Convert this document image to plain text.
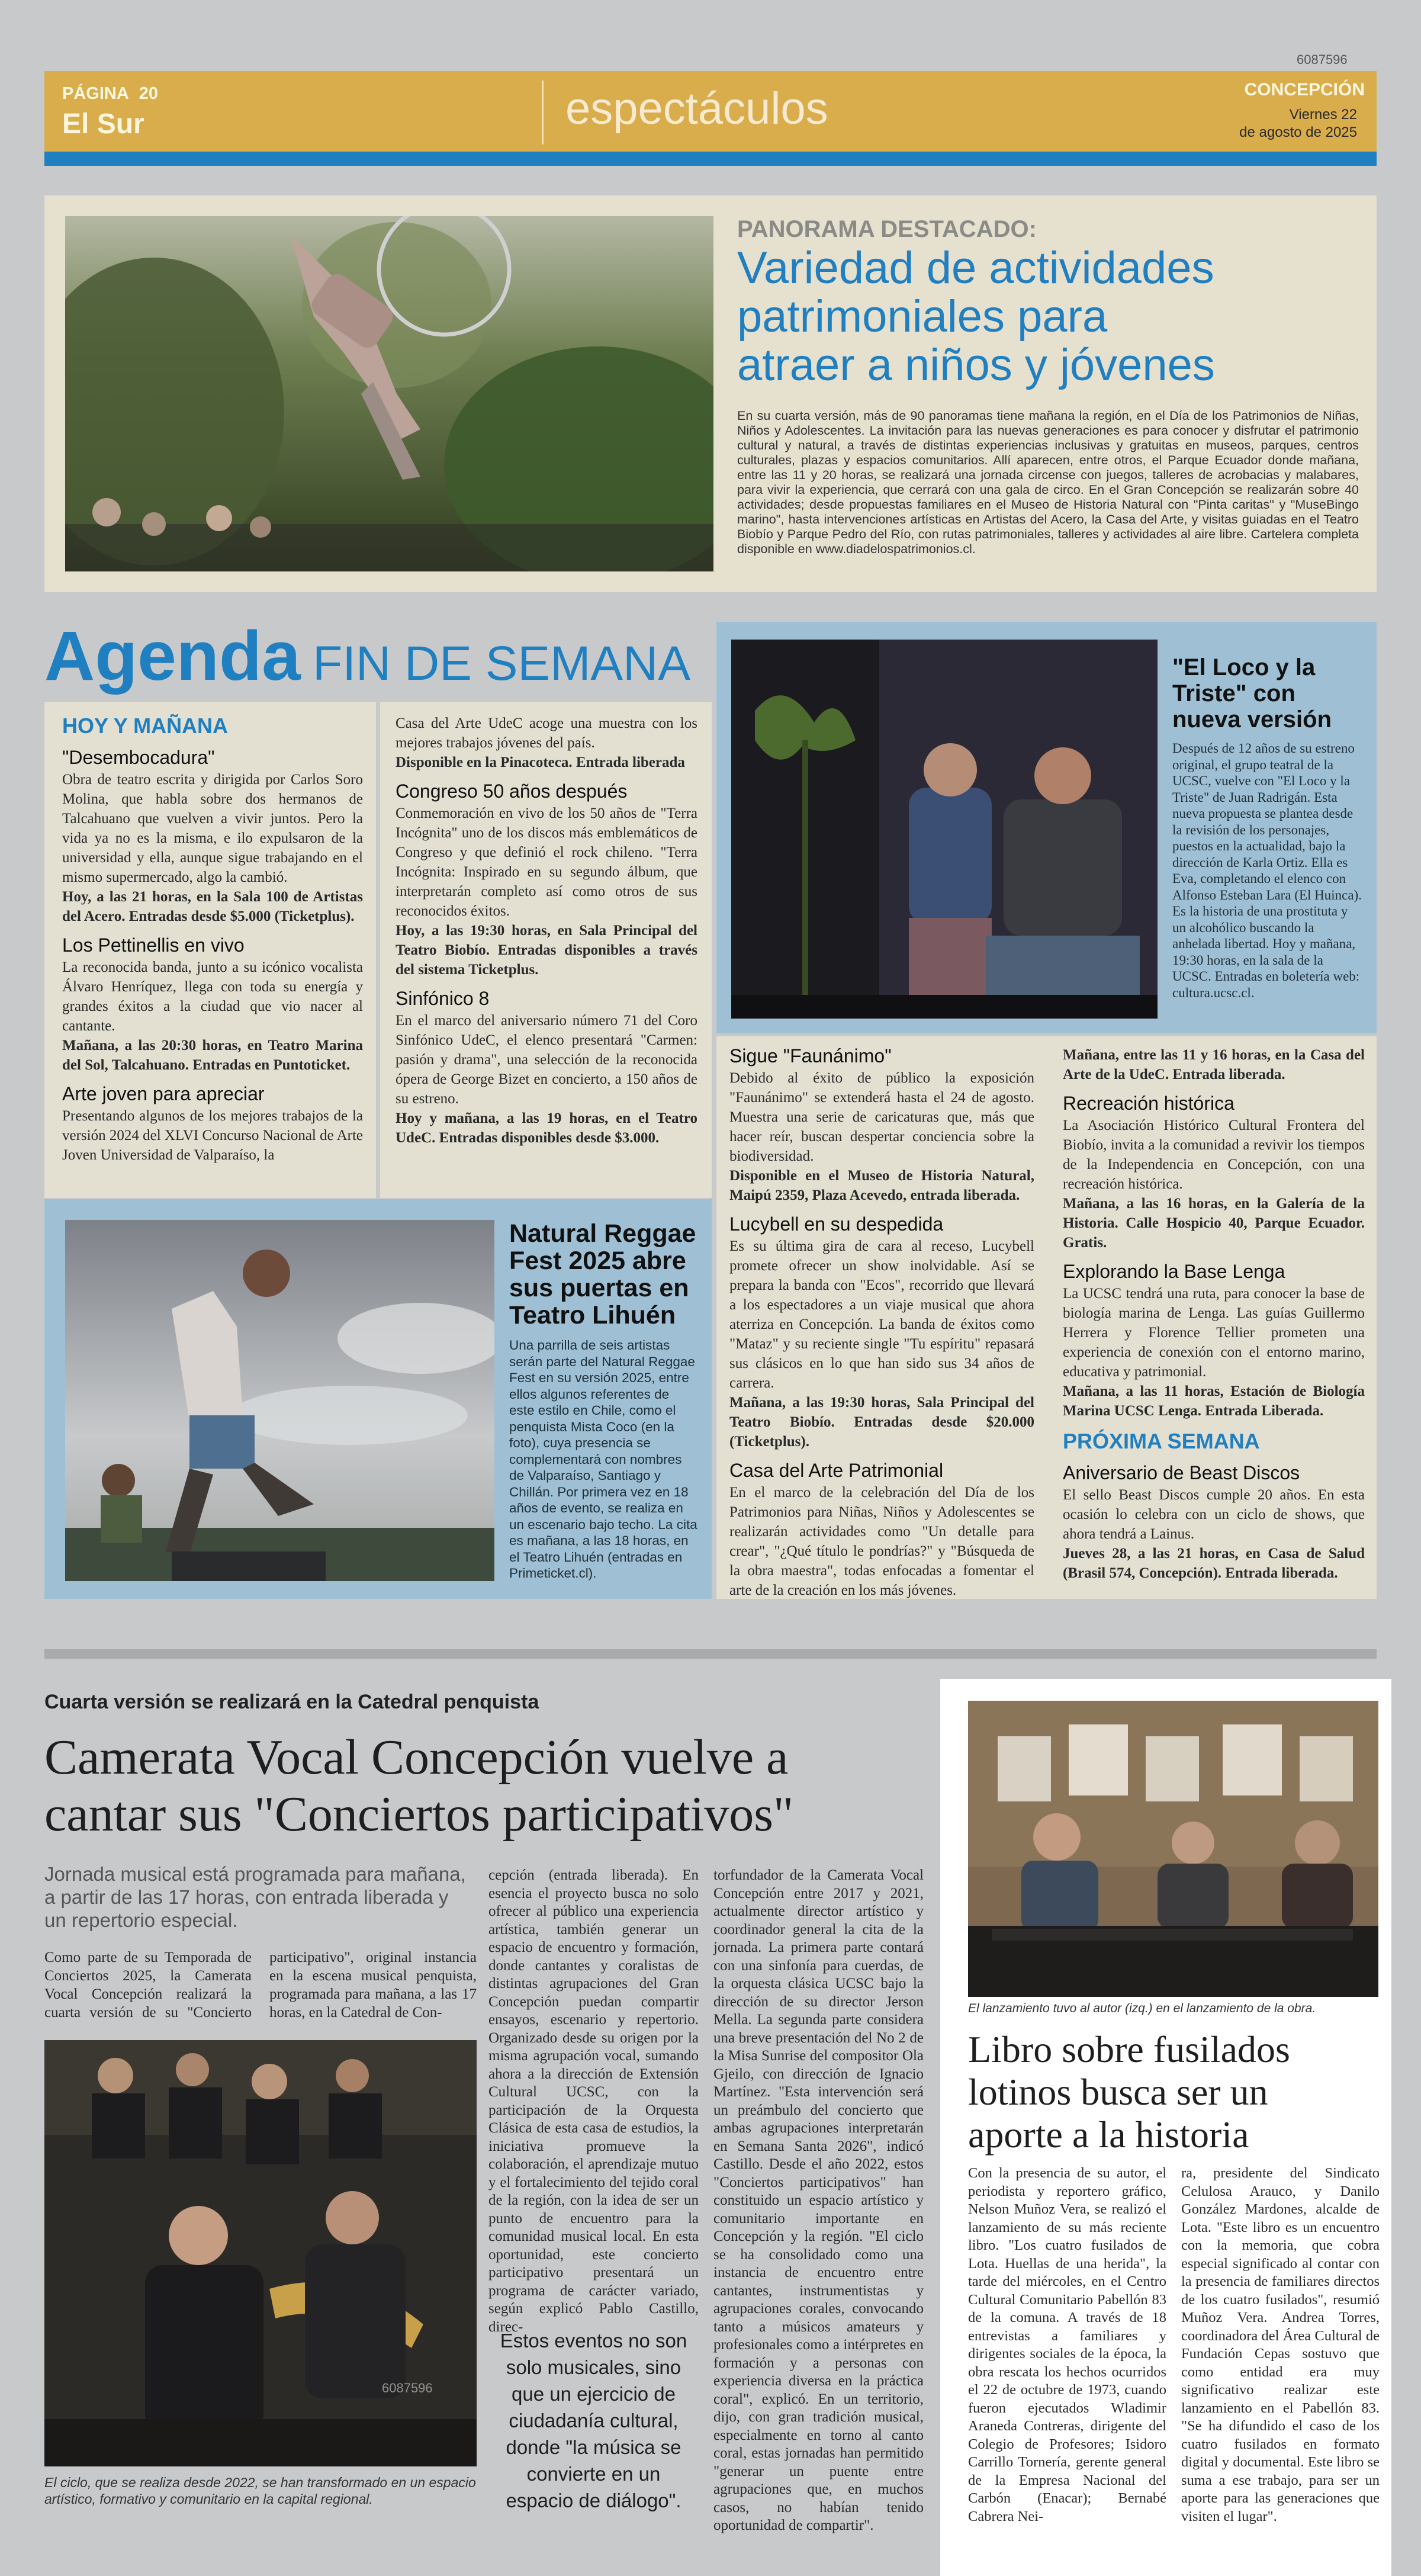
6087596
PÁGINA 20
El Sur	espectáculos	CONCEPCIÓN
Viernes 22
de agosto de 2025
PANORAMA DESTACADO:
Variedad de actividades
patrimoniales para
atraer a niños y jóvenes
En su cuarta versión, más de 90 panoramas tiene mañana la región, en el Día de los Patrimonios de Niñas, Niños y Adolescentes. La invitación para las nuevas generaciones es para conocer y disfrutar el patrimonio cultural y natural, a través de distintas experiencias inclusivas y gratuitas en museos, parques, centros culturales, plazas y espacios comunitarios. Allí aparecen, entre otros, el Parque Ecuador donde mañana, entre las 11 y 20 horas, se realizará una jornada circense con juegos, talleres de acrobacias y malabares, para vivir la experiencia, que cerrará con una gala de circo. En el Gran Concepción se realizarán sobre 40 actividades; desde propuestas familiares en el Museo de Historia Natural con "Pinta caritas" y "MuseBingo marino", hasta intervenciones artísticas en Artistas del Acero, la Casa del Arte, y visitas guiadas en el Teatro Biobío y Parque Pedro del Río, con rutas patrimoniales, talleres y actividades al aire libre. Cartelera completa disponible en www.diadelospatrimonios.cl.
Agenda FIN DE SEMANA
HOY Y MAÑANA
"Desembocadura"
Obra de teatro escrita y dirigida por Carlos Soro Molina, que habla sobre dos hermanos de Talcahuano que vuelven a vivir juntos. Pero la vida ya no es la misma, e ilo expulsaron de la universidad y ella, aunque sigue trabajando en el mismo supermercado, algo la cambió.
Hoy, a las 21 horas, en la Sala 100 de Artistas del Acero. Entradas desde $5.000 (Ticketplus).
Los Pettinellis en vivo
La reconocida banda, junto a su icónico vocalista Álvaro Henríquez, llega con toda su energía y grandes éxitos a la ciudad que vio nacer al cantante.
Mañana, a las 20:30 horas, en Teatro Marina del Sol, Talcahuano. Entradas en Puntoticket.
Arte joven para apreciar
Presentando algunos de los mejores trabajos de la versión 2024 del XLVI Concurso Nacional de Arte Joven Universidad de Valparaíso, la
Casa del Arte UdeC acoge una muestra con los mejores trabajos jóvenes del país.
Disponible en la Pinacoteca. Entrada liberada
Congreso 50 años después
Conmemoración en vivo de los 50 años de "Terra Incógnita" uno de los discos más emblemáticos de Congreso y que definió el rock chileno. "Terra Incógnita: Inspirado en su segundo álbum, que interpretarán completo así como otros de sus reconocidos éxitos.
Hoy, a las 19:30 horas, en Sala Principal del Teatro Biobío. Entradas disponibles a través del sistema Ticketplus.
Sinfónico 8
En el marco del aniversario número 71 del Coro Sinfónico UdeC, el elenco presentará "Carmen: pasión y drama", una selección de la reconocida ópera de George Bizet en concierto, a 150 años de su estreno.
Hoy y mañana, a las 19 horas, en el Teatro UdeC. Entradas disponibles desde $3.000.
"El Loco y la
Triste" con
nueva versión
Después de 12 años de su estreno original, el grupo teatral de la UCSC, vuelve con "El Loco y la Triste" de Juan Radrigán. Esta nueva propuesta se plantea desde la revisión de los personajes, puestos en la actualidad, bajo la dirección de Karla Ortiz. Ella es Eva, completando el elenco con Alfonso Esteban Lara (El Huinca). Es la historia de una prostituta y un alcohólico buscando la anhelada libertad. Hoy y mañana, 19:30 horas, en la sala de la UCSC. Entradas en boletería web: cultura.ucsc.cl.
Natural Reggae
Fest 2025 abre
sus puertas en
Teatro Lihuén
Una parrilla de seis artistas serán parte del Natural Reggae Fest en su versión 2025, entre ellos algunos referentes de este estilo en Chile, como el penquista Mista Coco (en la foto), cuya presencia se complementará con nombres de Valparaíso, Santiago y Chillán. Por primera vez en 18 años de evento, se realiza en un escenario bajo techo. La cita es mañana, a las 18 horas, en el Teatro Lihuén (entradas en Primeticket.cl).
Sigue "Faunánimo"
Debido al éxito de público la exposición "Faunánimo" se extenderá hasta el 24 de agosto. Muestra una serie de caricaturas que, más que hacer reír, buscan despertar conciencia sobre la biodiversidad.
Disponible en el Museo de Historia Natural, Maipú 2359, Plaza Acevedo, entrada liberada.
Lucybell en su despedida
Es su última gira de cara al receso, Lucybell promete ofrecer un show inolvidable. Así se prepara la banda con "Ecos", recorrido que llevará a los espectadores a un viaje musical que ahora aterriza en Concepción. La banda de éxitos como "Mataz" y su reciente single "Tu espíritu" repasará sus clásicos en lo que han sido sus 34 años de carrera.
Mañana, a las 19:30 horas, Sala Principal del Teatro Biobío. Entradas desde $20.000 (Ticketplus).
Casa del Arte Patrimonial
En el marco de la celebración del Día de los Patrimonios para Niñas, Niños y Adolescentes se realizarán actividades como "Un detalle para crear", "¿Qué título le pondrías?" y "Búsqueda de la obra maestra", todas enfocadas a fomentar el arte de la creación en los más jóvenes.
Mañana, entre las 11 y 16 horas, en la Casa del Arte de la UdeC. Entrada liberada.
Recreación histórica
La Asociación Histórico Cultural Frontera del Biobío, invita a la comunidad a revivir los tiempos de la Independencia en Concepción, con una recreación histórica.
Mañana, a las 16 horas, en la Galería de la Historia. Calle Hospicio 40, Parque Ecuador. Gratis.
Explorando la Base Lenga
La UCSC tendrá una ruta, para conocer la base de biología marina de Lenga. Las guías Guillermo Herrera y Florence Tellier prometen una experiencia de conexión con el entorno marino, educativa y patrimonial.
Mañana, a las 11 horas, Estación de Biología Marina UCSC Lenga. Entrada Liberada.
PRÓXIMA SEMANA
Aniversario de Beast Discos
El sello Beast Discos cumple 20 años. En esta ocasión lo celebra con un ciclo de shows, que ahora tendrá a Lainus.
Jueves 28, a las 21 horas, en Casa de Salud (Brasil 574, Concepción). Entrada liberada.
Cuarta versión se realizará en la Catedral penquista
Camerata Vocal Concepción vuelve a
cantar sus "Conciertos participativos"
Jornada musical está programada para mañana, a partir de las 17 horas, con entrada liberada y un repertorio especial.
Como parte de su Temporada de Conciertos 2025, la Camerata Vocal Concepción realizará la cuarta versión de su "Concierto participativo", original instancia en la escena musical penquista, programada para mañana, a las 17 horas, en la Catedral de Con-
6087596
El ciclo, que se realiza desde 2022, se han transformado en un espacio artístico, formativo y comunitario en la capital regional.
cepción (entrada liberada). En esencia el proyecto busca no solo ofrecer al público una experiencia artística, también generar un espacio de encuentro y formación, donde cantantes y coralistas de distintas agrupaciones del Gran Concepción puedan compartir ensayos, escenario y repertorio. Organizado desde su origen por la misma agrupación vocal, sumando ahora a la dirección de Extensión Cultural UCSC, con la participación de la Orquesta Clásica de esta casa de estudios, la iniciativa promueve la colaboración, el aprendizaje mutuo y el fortalecimiento del tejido coral de la región, con la idea de ser un punto de encuentro para la comunidad musical local. En esta oportunidad, este concierto participativo presentará un programa de carácter variado, según explicó Pablo Castillo, direc-
Estos eventos no son solo musicales, sino que un ejercicio de ciudadanía cultural, donde "la música se convierte en un espacio de diálogo".
torfundador de la Camerata Vocal Concepción entre 2017 y 2021, actualmente director artístico y coordinador general la cita de la jornada. La primera parte contará con una sinfonía para cuerdas, de la orquesta clásica UCSC bajo la dirección de su director Jerson Mella. La segunda parte considera una breve presentación del No 2 de la Misa Sunrise del compositor Ola Gjeilo, con dirección de Ignacio Martínez. "Esta intervención será un preámbulo del concierto que ambas agrupaciones interpretarán en Semana Santa 2026", indicó Castillo. Desde el año 2022, estos "Conciertos participativos" han constituido un espacio artístico y comunitario importante en Concepción y la región. "El ciclo se ha consolidado como una instancia de encuentro entre cantantes, instrumentistas y agrupaciones corales, convocando tanto a músicos amateurs y profesionales como a intérpretes en formación y a personas con experiencia diversa en la práctica coral", explicó. En un territorio, dijo, con gran tradición musical, especialmente en torno al canto coral, estas jornadas han permitido "generar un puente entre agrupaciones que, en muchos casos, no habían tenido oportunidad de compartir".
El lanzamiento tuvo al autor (izq.) en el lanzamiento de la obra.
Libro sobre fusilados
lotinos busca ser un
aporte a la historia
Con la presencia de su autor, el periodista y reportero gráfico, Nelson Muñoz Vera, se realizó el lanzamiento de su más reciente libro. "Los cuatro fusilados de Lota. Huellas de una herida", la tarde del miércoles, en el Centro Cultural Comunitario Pabellón 83 de la comuna. A través de 18 entrevistas a familiares y dirigentes sociales de la época, la obra rescata los hechos ocurridos el 22 de octubre de 1973, cuando fueron ejecutados Wladimir Araneda Contreras, dirigente del Colegio de Profesores; Isidoro Carrillo Tornería, gerente general de la Empresa Nacional del Carbón (Enacar); Bernabé Cabrera Nei-
ra, presidente del Sindicato Celulosa Arauco, y Danilo González Mardones, alcalde de Lota. "Este libro es un encuentro con la memoria, que cobra especial significado al contar con la presencia de familiares directos de los cuatro fusilados", resumió Muñoz Vera. Andrea Torres, coordinadora del Área Cultural de Fundación Cepas sostuvo que como entidad era muy significativo realizar este lanzamiento en el Pabellón 83. "Se ha difundido el caso de los cuatro fusilados en formato digital y documental. Este libro se suma a ese trabajo, para ser un aporte para las generaciones que visiten el lugar".
